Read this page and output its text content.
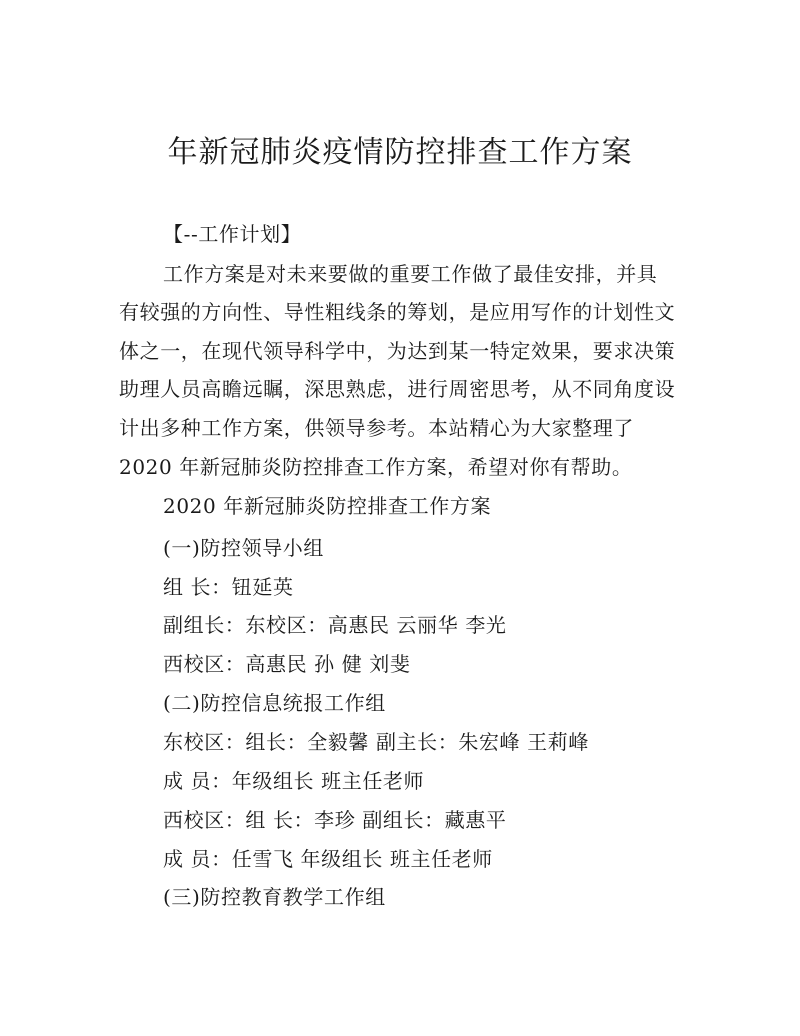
年新冠肺炎疫情防控排查工作方案
【--工作计划】
工作方案是对未来要做的重要工作做了最佳安排，并具
有较强的方向性、导性粗线条的筹划，是应用写作的计划性文
体之一，在现代领导科学中，为达到某一特定效果，要求决策
助理人员高瞻远瞩，深思熟虑，进行周密思考，从不同角度设
计出多种工作方案，供领导参考。本站精心为大家整理了
2020 年新冠肺炎防控排查工作方案，希望对你有帮助。
2020 年新冠肺炎防控排查工作方案
(一)防控领导小组
组 长：钮延英
副组长：东校区：高惠民 云丽华 李光
西校区：高惠民 孙 健 刘斐
(二)防控信息统报工作组
东校区：组长：全毅馨 副主长：朱宏峰 王莉峰
成 员：年级组长 班主任老师
西校区：组 长：李珍 副组长：藏惠平
成 员：任雪飞 年级组长 班主任老师
(三)防控教育教学工作组
